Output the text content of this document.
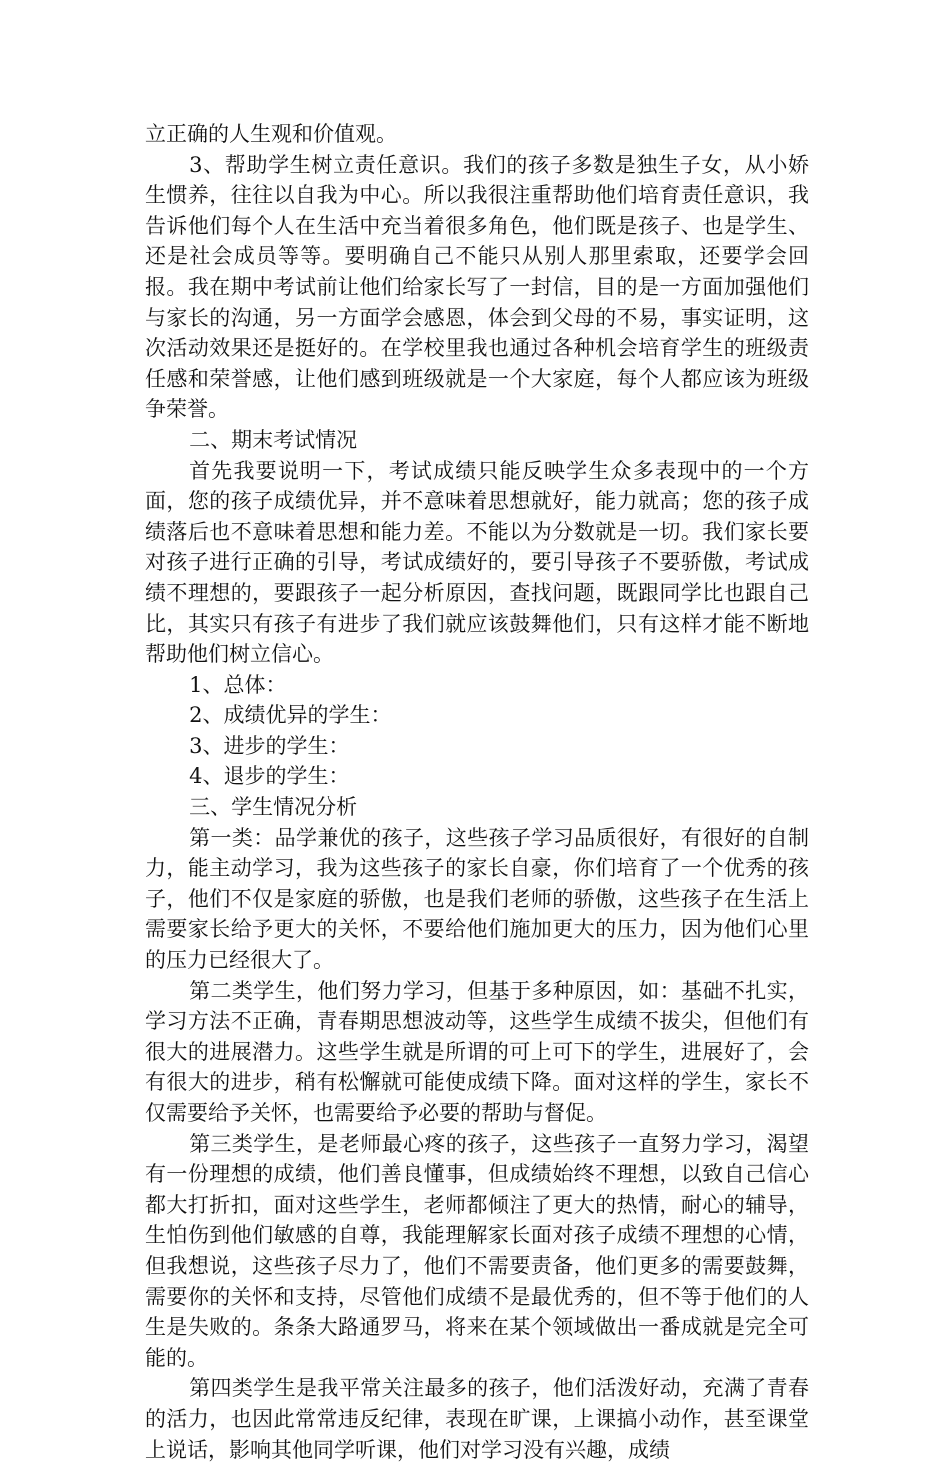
立正确的人生观和价值观。

3、帮助学生树立责任意识。我们的孩子多数是独生子女，从小娇生惯养，往往以自我为中心。所以我很注重帮助他们培育责任意识，我告诉他们每个人在生活中充当着很多角色，他们既是孩子、也是学生、还是社会成员等等。要明确自己不能只从别人那里索取，还要学会回报。我在期中考试前让他们给家长写了一封信，目的是一方面加强他们与家长的沟通，另一方面学会感恩，体会到父母的不易，事实证明，这次活动效果还是挺好的。在学校里我也通过各种机会培育学生的班级责任感和荣誉感，让他们感到班级就是一个大家庭，每个人都应该为班级争荣誉。

二、期末考试情况

首先我要说明一下，考试成绩只能反映学生众多表现中的一个方面，您的孩子成绩优异，并不意味着思想就好，能力就高；您的孩子成绩落后也不意味着思想和能力差。不能以为分数就是一切。我们家长要对孩子进行正确的引导，考试成绩好的，要引导孩子不要骄傲，考试成绩不理想的，要跟孩子一起分析原因，查找问题，既跟同学比也跟自己比，其实只有孩子有进步了我们就应该鼓舞他们，只有这样才能不断地帮助他们树立信心。

1、总体：

2、成绩优异的学生：

3、进步的学生：

4、退步的学生：

三、学生情况分析

第一类：品学兼优的孩子，这些孩子学习品质很好，有很好的自制力，能主动学习，我为这些孩子的家长自豪，你们培育了一个优秀的孩子，他们不仅是家庭的骄傲，也是我们老师的骄傲，这些孩子在生活上需要家长给予更大的关怀，不要给他们施加更大的压力，因为他们心里的压力已经很大了。

第二类学生，他们努力学习，但基于多种原因，如：基础不扎实，学习方法不正确，青春期思想波动等，这些学生成绩不拔尖，但他们有很大的进展潜力。这些学生就是所谓的可上可下的学生，进展好了，会有很大的进步，稍有松懈就可能使成绩下降。面对这样的学生，家长不仅需要给予关怀，也需要给予必要的帮助与督促。

第三类学生，是老师最心疼的孩子，这些孩子一直努力学习，渴望有一份理想的成绩，他们善良懂事，但成绩始终不理想，以致自己信心都大打折扣，面对这些学生，老师都倾注了更大的热情，耐心的辅导，生怕伤到他们敏感的自尊，我能理解家长面对孩子成绩不理想的心情，但我想说，这些孩子尽力了，他们不需要责备，他们更多的需要鼓舞，需要你的关怀和支持，尽管他们成绩不是最优秀的，但不等于他们的人生是失败的。条条大路通罗马，将来在某个领域做出一番成就是完全可能的。

第四类学生是我平常关注最多的孩子，他们活泼好动，充满了青春的活力，也因此常常违反纪律，表现在旷课，上课搞小动作，甚至课堂上说话，影响其他同学听课，他们对学习没有兴趣，成绩
